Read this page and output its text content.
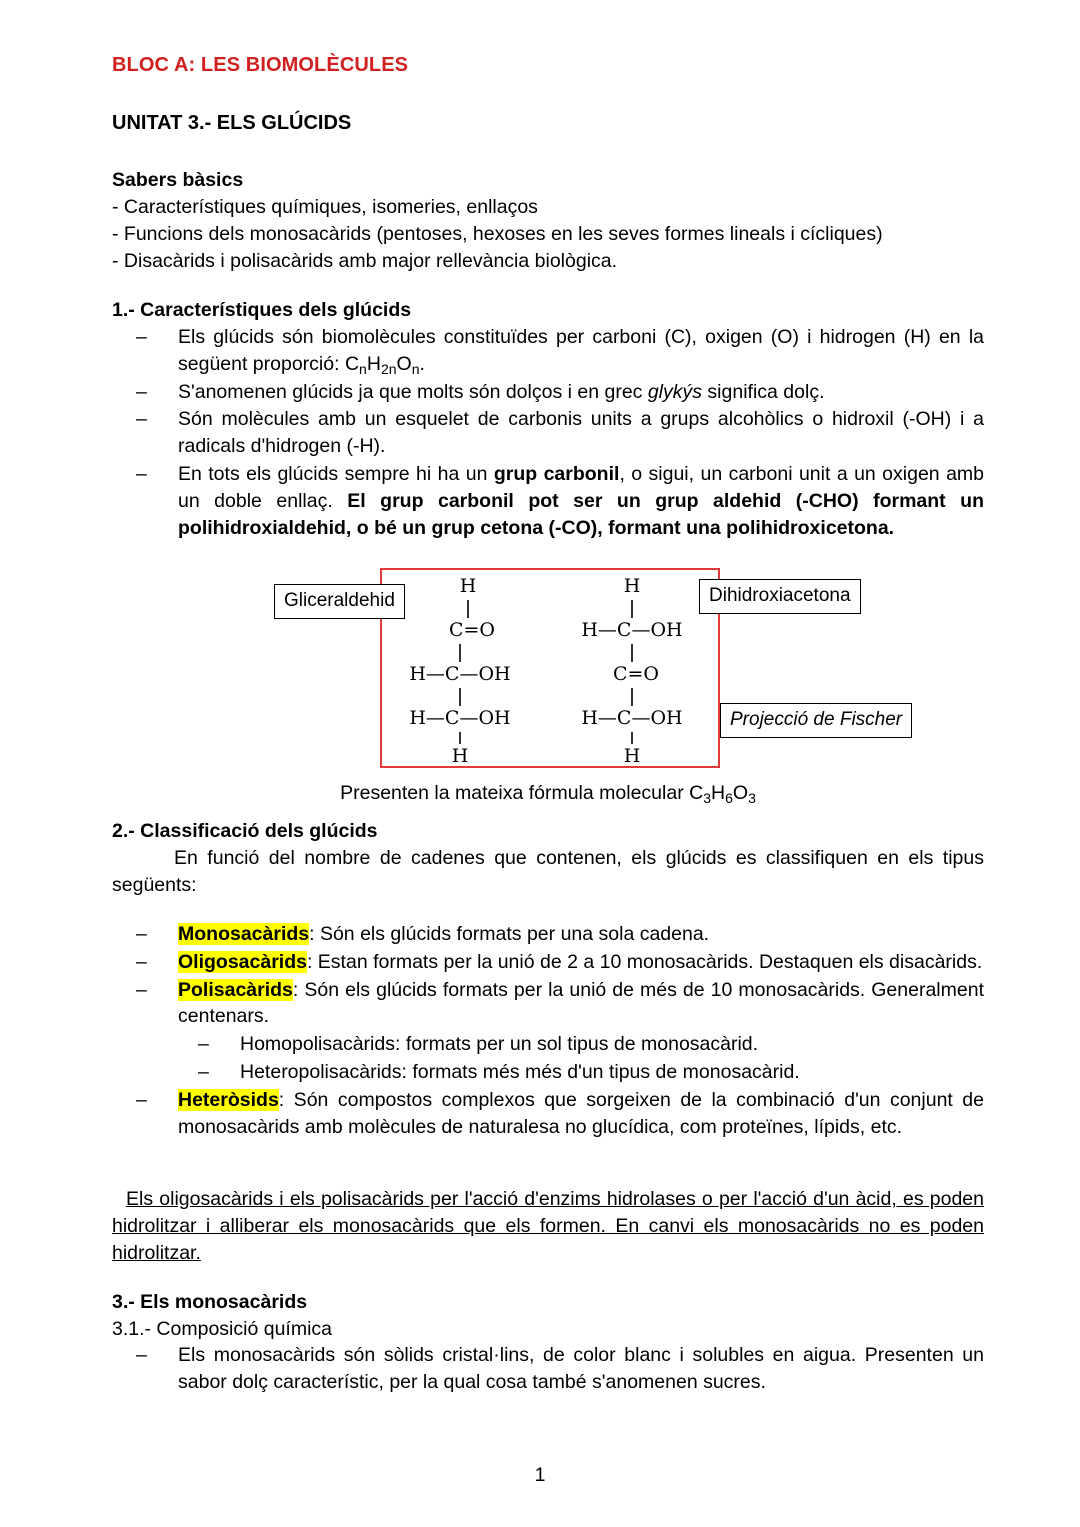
BLOC A: LES BIOMOLÈCULES
UNITAT 3.- ELS GLÚCIDS
Sabers bàsics
- Característiques químiques, isomeries, enllaços
- Funcions dels monosacàrids (pentoses, hexoses en les seves formes lineals i cícliques)
- Disacàrids i polisacàrids amb major rellevància biològica.
1.- Característiques dels glúcids
– Els glúcids són biomolècules constituïdes per carboni (C), oxigen (O) i hidrogen (H) en la següent proporció: $C_nH_{2n}O_n$.
– S'anomenen glúcids ja que molts són dolços i en grec glykýs significa dolç.
– Són molècules amb un esquelet de carbonis units a grups alcohòlics o hidroxil (-OH) i a radicals d'hidrogen (-H).
– En tots els glúcids sempre hi ha un grup carbonil, o sigui, un carboni unit a un oxigen amb un doble enllaç. El grup carbonil pot ser un grup aldehid (-CHO) formant un polihidroxialdehid, o bé un grup cetona (-CO), formant una polihidroxicetona.
H
C=O
H—C—OH
H—C—OH
H
H
H—C—OH
C=O
H—C—OH
H
Gliceraldehid	Dihidroxiacetona
Projecció de Fischer
Presenten la mateixa fórmula molecular $C_3H_6O_3$
2.- Classificació dels glúcids
En funció del nombre de cadenes que contenen, els glúcids es classifiquen en els tipus següents:
– Monosacàrids: Són els glúcids formats per una sola cadena.
– Oligosacàrids: Estan formats per la unió de 2 a 10 monosacàrids. Destaquen els disacàrids.
– Polisacàrids: Són els glúcids formats per la unió de més de 10 monosacàrids. Generalment centenars.
– Homopolisacàrids: formats per un sol tipus de monosacàrid.
– Heteropolisacàrids: formats més més d'un tipus de monosacàrid.
– Heteròsids: Són compostos complexos que sorgeixen de la combinació d'un conjunt de monosacàrids amb molècules de naturalesa no glucídica, com proteïnes, lípids, etc.
Els oligosacàrids i els polisacàrids per l'acció d'enzims hidrolases o per l'acció d'un àcid, es poden hidrolitzar i alliberar els monosacàrids que els formen. En canvi els monosacàrids no es poden hidrolitzar.
3.- Els monosacàrids
3.1.- Composició química
– Els monosacàrids són sòlids cristal·lins, de color blanc i solubles en aigua. Presenten un sabor dolç característic, per la qual cosa també s'anomenen sucres.
1
